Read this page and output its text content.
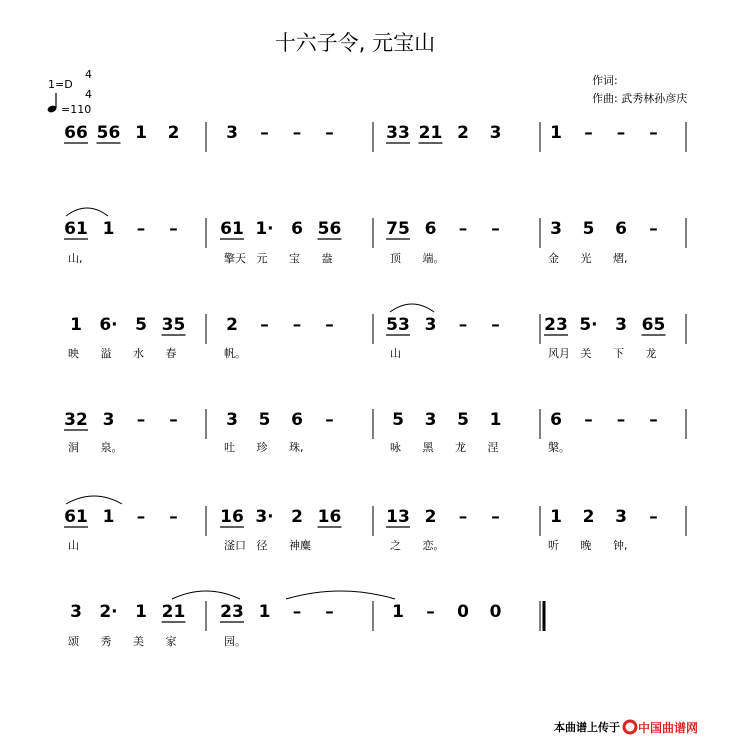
十六子令, 元宝山
1=D
4
4
=110
作词:
作曲: 武秀林孙彦庆
本曲谱上传于 中国曲谱网
66 56 1 2	3 – – –	33 21 2 3	1 – – –
61 1 – –
山,
61 1· 6 56
擎天 元 宝 盎
75 6 – –
顶 端。
3 5 6 –
金 光 熠,
1 6· 5 35
映 溢 水 春
2 – – –
帆。
53 3 – –
山
23 5· 3 65
风月 关 下 龙
32 3 – –
洞 泉。
3 5 6 –
吐 珍 珠,
5 3 5 1
咏 黑 龙 涅
6 – – –
槃。
61 1 – –
山
16 3· 2 16
滏口 径 神麋
13 2 – –
之 恋。
1 2 3 –
听 晚 钟,
3 2· 1 21
颂 秀 美 家
23 1 – –
园。
1 – 0 0
